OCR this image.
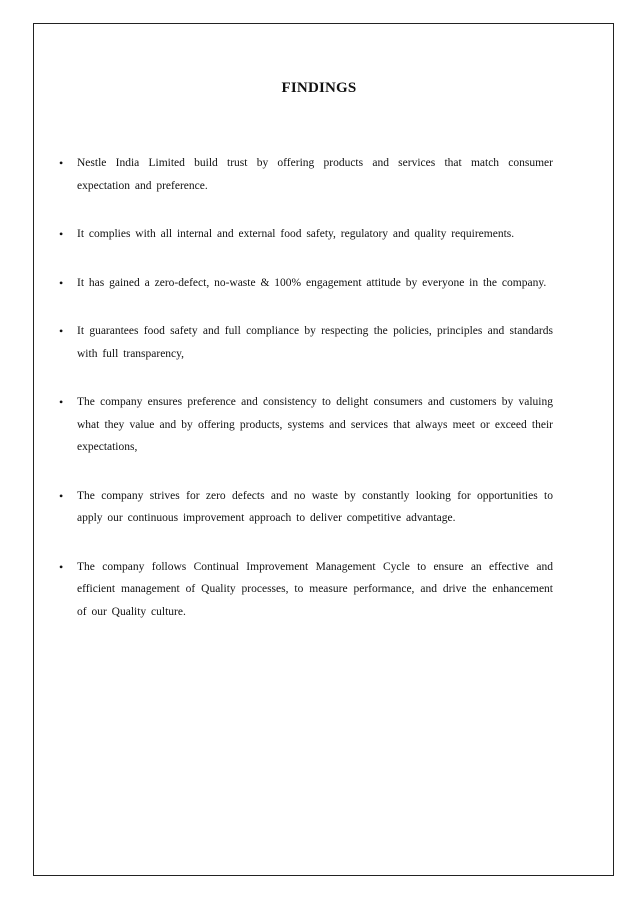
FINDINGS
• Nestle India Limited build trust by offering products and services that match consumer expectation and preference.
• It complies with all internal and external food safety, regulatory and quality requirements.
• It has gained a zero-defect, no-waste & 100% engagement attitude by everyone in the company.
• It guarantees food safety and full compliance by respecting the policies, principles and standards with full transparency,
• The company ensures preference and consistency to delight consumers and customers by valuing what they value and by offering products, systems and services that always meet or exceed their expectations,
• The company strives for zero defects and no waste by constantly looking for opportunities to apply our continuous improvement approach to deliver competitive advantage.
• The company follows Continual Improvement Management Cycle to ensure an effective and efficient management of Quality processes, to measure performance, and drive the enhancement of our Quality culture.
